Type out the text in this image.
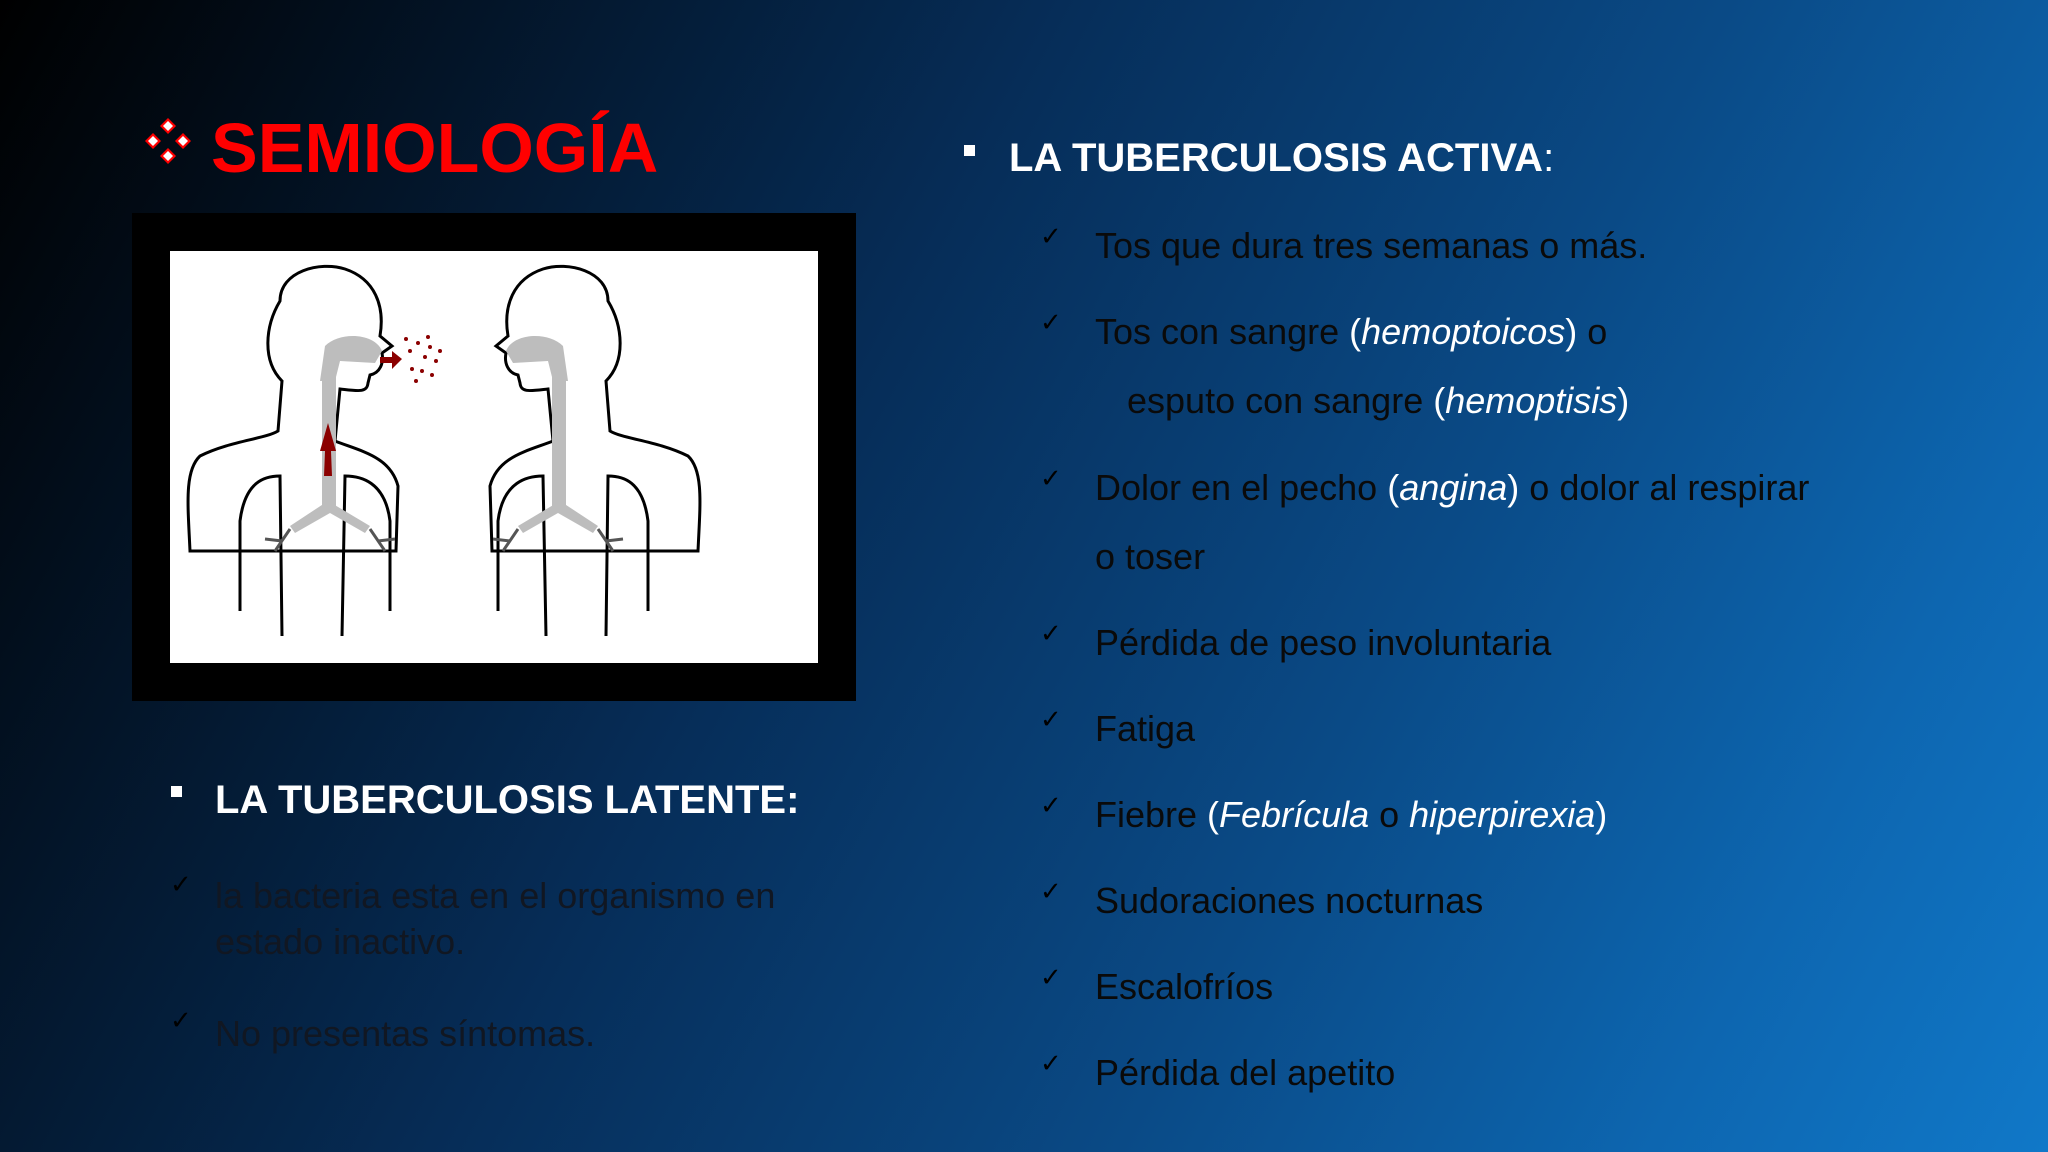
SEMIOLOGÍA
LA TUBERCULOSIS LATENTE:
✓ la bacteria esta en el organismo en
estado inactivo.
✓ No presentas síntomas.
LA TUBERCULOSIS ACTIVA:
✓ Tos que dura tres semanas o más.
✓ Tos con sangre (hemoptoicos) o
esputo con sangre (hemoptisis)
✓ Dolor en el pecho (angina) o dolor al respirar
o toser
✓ Pérdida de peso involuntaria
✓ Fatiga
✓ Fiebre (Febrícula o hiperpirexia)
✓ Sudoraciones nocturnas
✓ Escalofríos
✓ Pérdida del apetito
